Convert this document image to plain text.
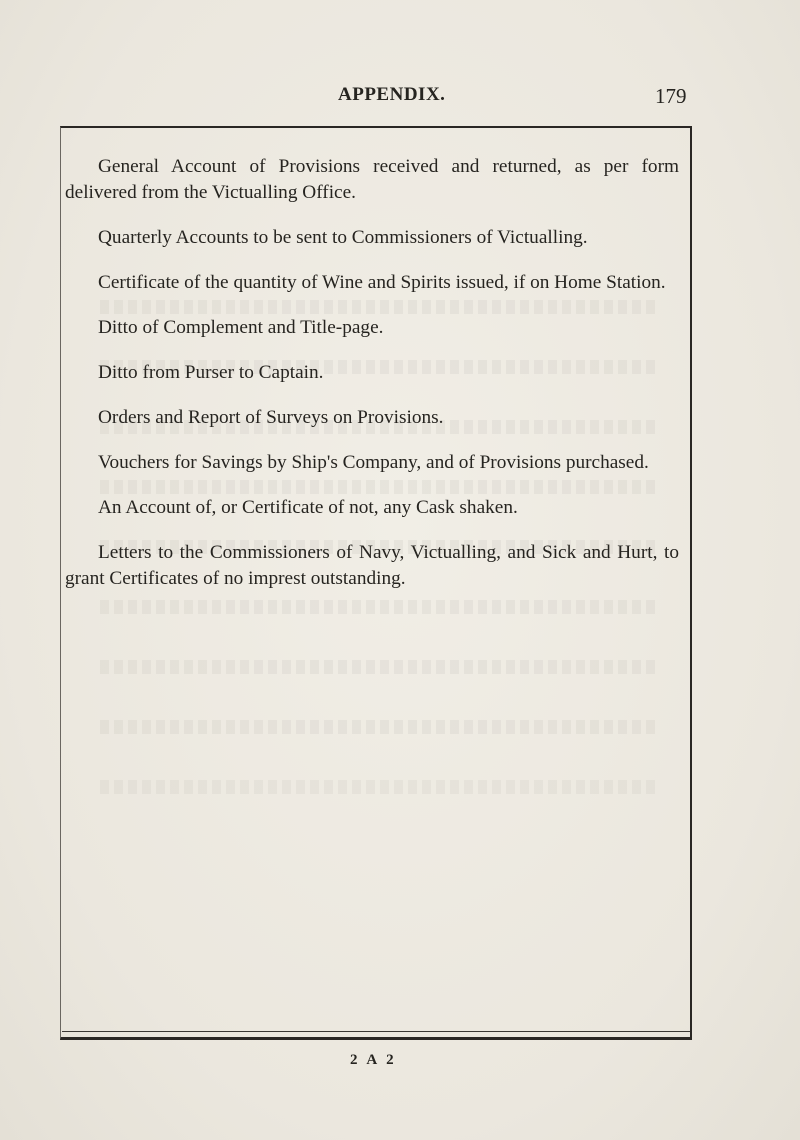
APPENDIX.	179

General Account of Provisions received and returned, as per form delivered from the Victualling Office.

Quarterly Accounts to be sent to Commissioners of Victualling.

Certificate of the quantity of Wine and Spirits issued, if on Home Station.

Ditto of Complement and Title-page.

Ditto from Purser to Captain.

Orders and Report of Surveys on Provisions.

Vouchers for Savings by Ship's Company, and of Provisions purchased.

An Account of, or Certificate of not, any Cask shaken.

Letters to the Commissioners of Navy, Victualling, and Sick and Hurt, to grant Certificates of no imprest outstanding.

2 A 2
